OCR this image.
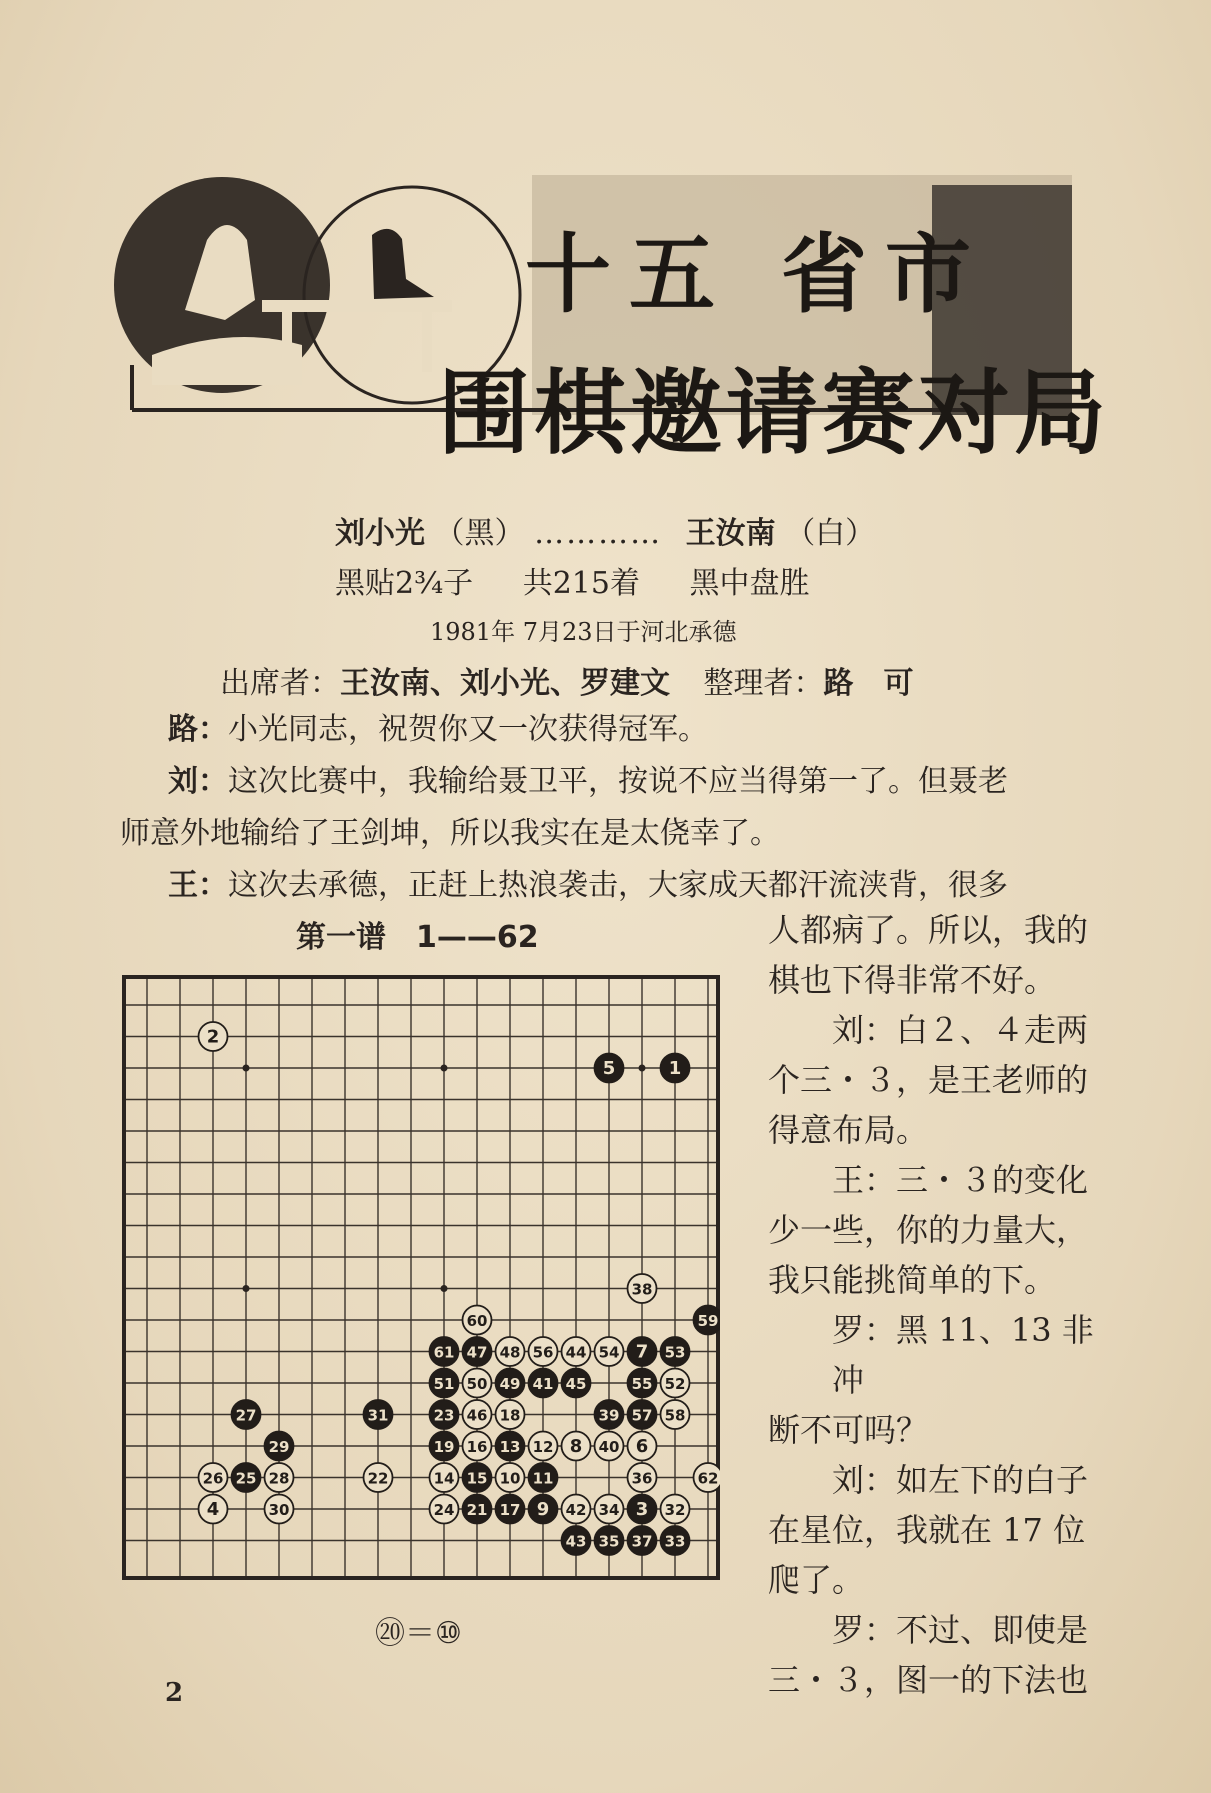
十五 省市
围棋邀请赛对局
刘小光 （黑） ………… 王汝南 （白）
黑贴2¾子 共215着 黑中盘胜
1981年 7月23日于河北承德
出席者：王汝南、刘小光、罗建文 整理者：路　可
路：小光同志，祝贺你又一次获得冠军。
刘：这次比赛中，我输给聂卫平，按说不应当得第一了。但聂老
师意外地输给了王剑坤，所以我实在是太侥幸了。
王：这次去承德，正赶上热浪袭击，大家成天都汗流浃背，很多
第一谱　1——62
2
5	1
38
60	59
61 47 48 56 44 54 7 53
51 50 49 41 45	55 52
27	31	23 46 18	39 57 58
29	19 16 13 12 8 40 6
26 25 28	22	14 15 10 11	36	62
4	30	24 21 17 9 42 34 3 32
43 35 37 33
⑳＝⑩

人都病了。所以，我的

棋也下得非常不好。

刘：白２、４走两

个三・３，是王老师的

得意布局。

王：三・３的变化

少一些，你的力量大，

我只能挑简单的下。

罗：黑 11、13 非冲

断不可吗？

刘：如左下的白子

在星位，我就在 17 位

爬了。

罗：不过、即使是

三・３，图一的下法也

2
